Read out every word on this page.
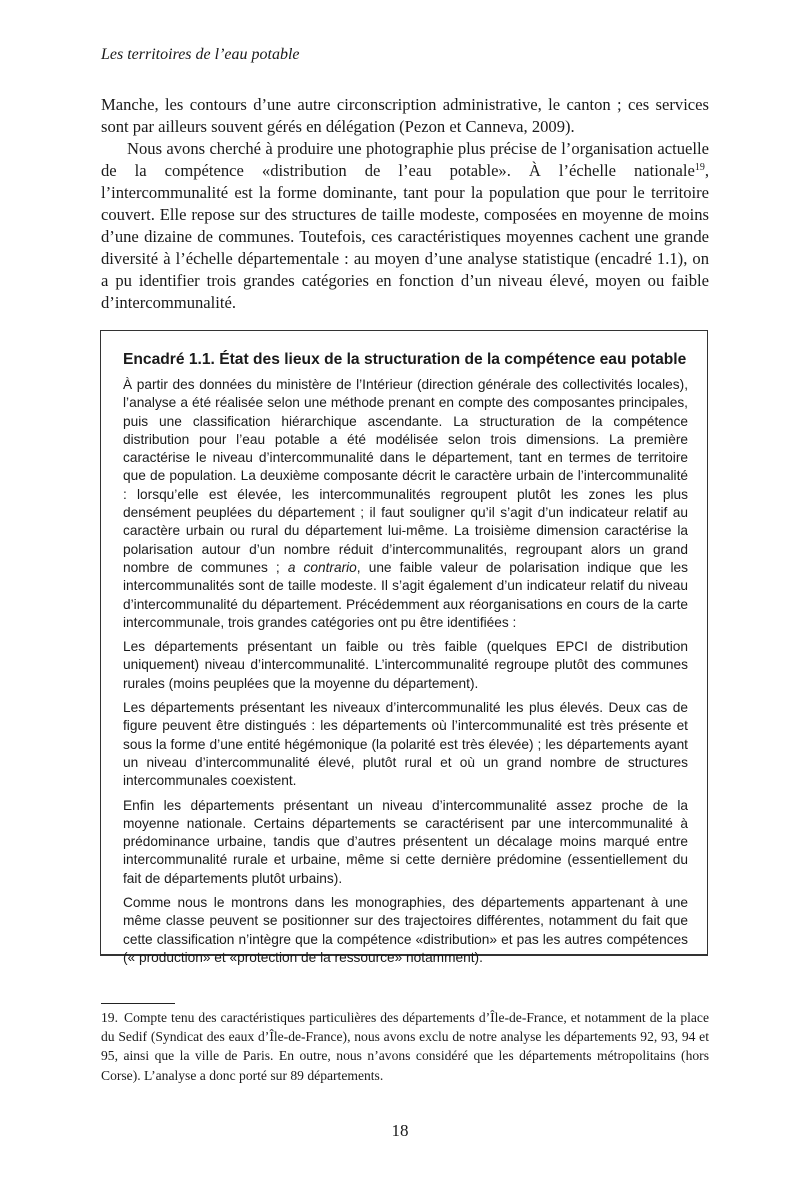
Les territoires de l’eau potable

Manche, les contours d’une autre circonscription administrative, le canton ; ces services sont par ailleurs souvent gérés en délégation (Pezon et Canneva, 2009).

Nous avons cherché à produire une photographie plus précise de l’organisation actuelle de la compétence «distribution de l’eau potable». À l’échelle nationale$^{19}$, l’intercommunalité est la forme dominante, tant pour la population que pour le territoire couvert. Elle repose sur des structures de taille modeste, composées en moyenne de moins d’une dizaine de communes. Toutefois, ces caractéristiques moyennes cachent une grande diversité à l’échelle départementale : au moyen d’une analyse statistique (encadré 1.1), on a pu identifier trois grandes catégories en fonction d’un niveau élevé, moyen ou faible d’intercommunalité.

Encadré 1.1. État des lieux de la structuration de la compétence eau potable

À partir des données du ministère de l’Intérieur (direction générale des collectivités locales), l’analyse a été réalisée selon une méthode prenant en compte des composantes principales, puis une classification hiérarchique ascendante. La structuration de la compétence distribution pour l’eau potable a été modélisée selon trois dimensions. La première caractérise le niveau d’intercommunalité dans le département, tant en termes de territoire que de population. La deuxième composante décrit le caractère urbain de l’intercommunalité : lorsqu’elle est élevée, les intercommunalités regroupent plutôt les zones les plus densément peuplées du département ; il faut souligner qu’il s’agit d’un indicateur relatif au caractère urbain ou rural du département lui-même. La troisième dimension caractérise la polarisation autour d’un nombre réduit d’intercommunalités, regroupant alors un grand nombre de communes ; a contrario, une faible valeur de polarisation indique que les intercommunalités sont de taille modeste. Il s’agit également d’un indicateur relatif du niveau d’intercommunalité du département. Précédemment aux réorganisations en cours de la carte intercommunale, trois grandes catégories ont pu être identifiées :

Les départements présentant un faible ou très faible (quelques EPCI de distribution uniquement) niveau d’intercommunalité. L’intercommunalité regroupe plutôt des communes rurales (moins peuplées que la moyenne du département).

Les départements présentant les niveaux d’intercommunalité les plus élevés. Deux cas de figure peuvent être distingués : les départements où l’intercommunalité est très présente et sous la forme d’une entité hégémonique (la polarité est très élevée) ; les départements ayant un niveau d’intercommunalité élevé, plutôt rural et où un grand nombre de structures intercommunales coexistent.

Enfin les départements présentant un niveau d’intercommunalité assez proche de la moyenne nationale. Certains départements se caractérisent par une intercommunalité à prédominance urbaine, tandis que d’autres présentent un décalage moins marqué entre intercommunalité rurale et urbaine, même si cette dernière prédomine (essentiellement du fait de départements plutôt urbains).

Comme nous le montrons dans les monographies, des départements appartenant à une même classe peuvent se positionner sur des trajectoires différentes, notamment du fait que cette classification n’intègre que la compétence «distribution» et pas les autres compétences (« production» et «protection de la ressource» notamment).

19. Compte tenu des caractéristiques particulières des départements d’Île-de-France, et notamment de la place du Sedif (Syndicat des eaux d’Île-de-France), nous avons exclu de notre analyse les départements 92, 93, 94 et 95, ainsi que la ville de Paris. En outre, nous n’avons considéré que les départements métropolitains (hors Corse). L’analyse a donc porté sur 89 départements.
18
